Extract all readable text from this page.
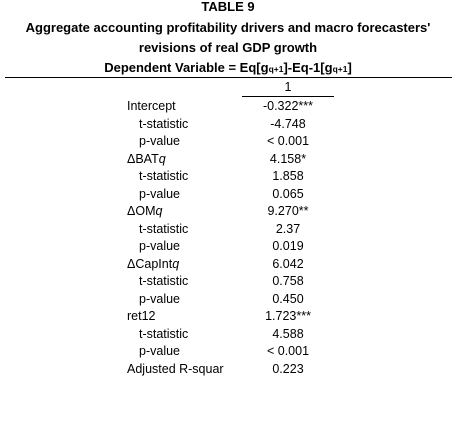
TABLE 9
Aggregate accounting profitability drivers and macro forecasters'
revisions of real GDP growth
Dependent Variable = Eq[gq+1]-Eq-1[gq+1]
1
Intercept	-0.322***
t-statistic	-4.748
p-value	< 0.001
ΔBATq	4.158*
t-statistic	1.858
p-value	0.065
ΔOMq	9.270**
t-statistic	2.37
p-value	0.019
ΔCapIntq	6.042
t-statistic	0.758
p-value	0.450
ret12	1.723***
t-statistic	4.588
p-value	< 0.001
Adjusted R-squar	0.223
